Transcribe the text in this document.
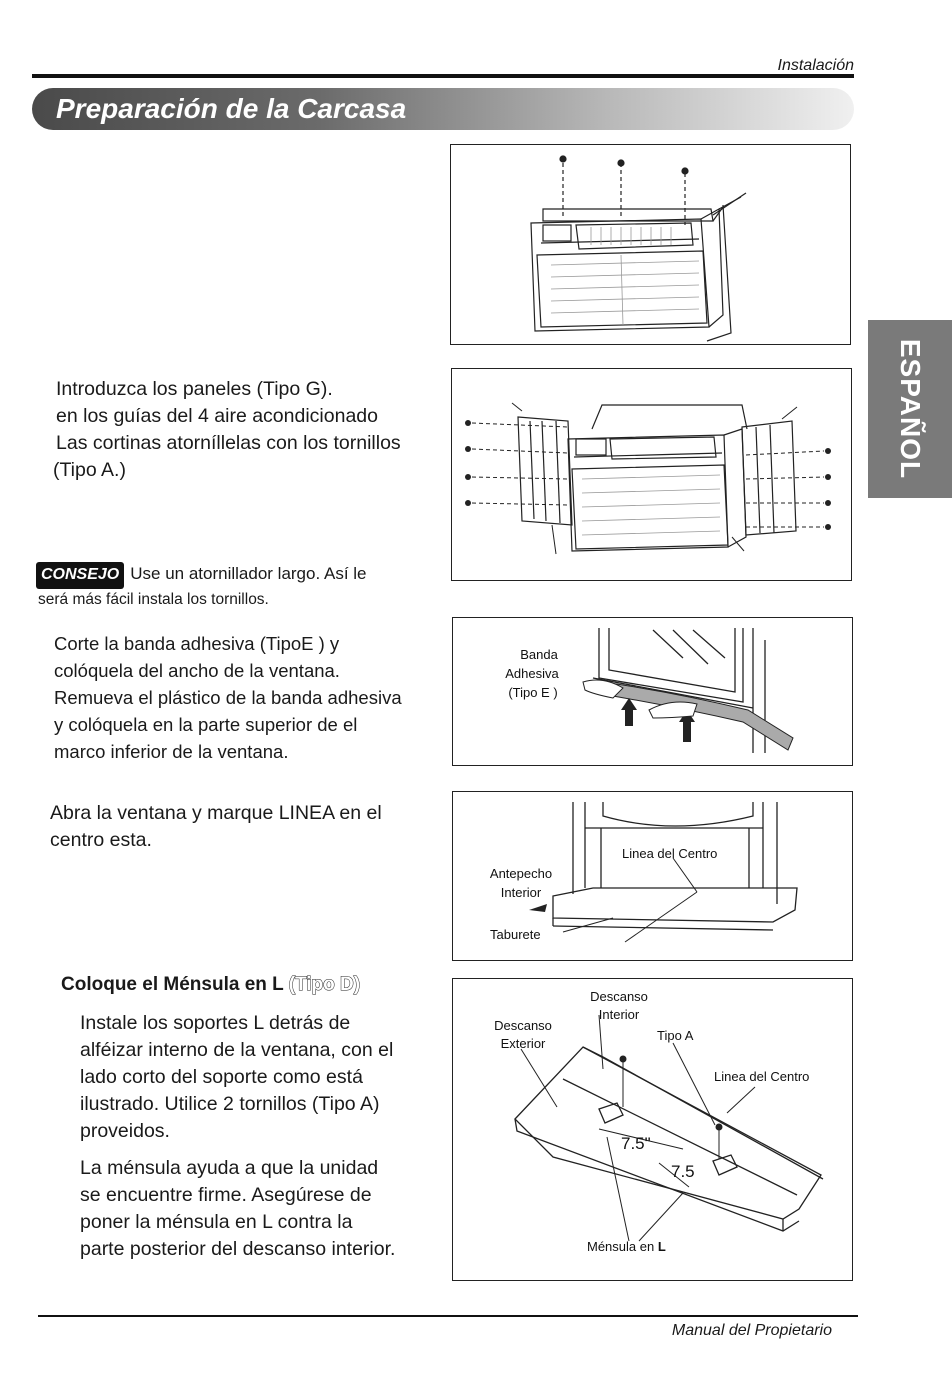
Instalación
Preparación de la Carcasa
ESPAÑOL
Introduzca los paneles (Tipo G).
en los guías del 4 aire acondicionado
Las cortinas atorníllelas con los tornillos
(Tipo A.)
CONSEJO Use un atornillador largo. Así le
será más fácil instala los tornillos.
Corte la banda adhesiva (TipoE ) y
colóquela del ancho de la ventana.
Remueva el plástico de la banda adhesiva
y colóquela en la parte superior de el
marco inferior de la ventana.
Banda
Adhesiva
(Tipo E )
Abra la ventana y marque LINEA en el
centro esta.
Linea del Centro
Antepecho
Interior
Taburete
Coloque el Ménsula en L (Tipo D)
Instale los soportes L detrás de
alféizar interno de la ventana, con el
lado corto del soporte como está
ilustrado. Utilice 2 tornillos (Tipo A)
proveidos.
La ménsula ayuda a que la unidad
se encuentre firme. Asegúrese de
poner la ménsula en L contra la
parte posterior del descanso interior.
Descanso
Interior
Descanso
Exterior
Tipo A
Linea del Centro
7.5"
7.5
Ménsula en L
Manual del Propietario
